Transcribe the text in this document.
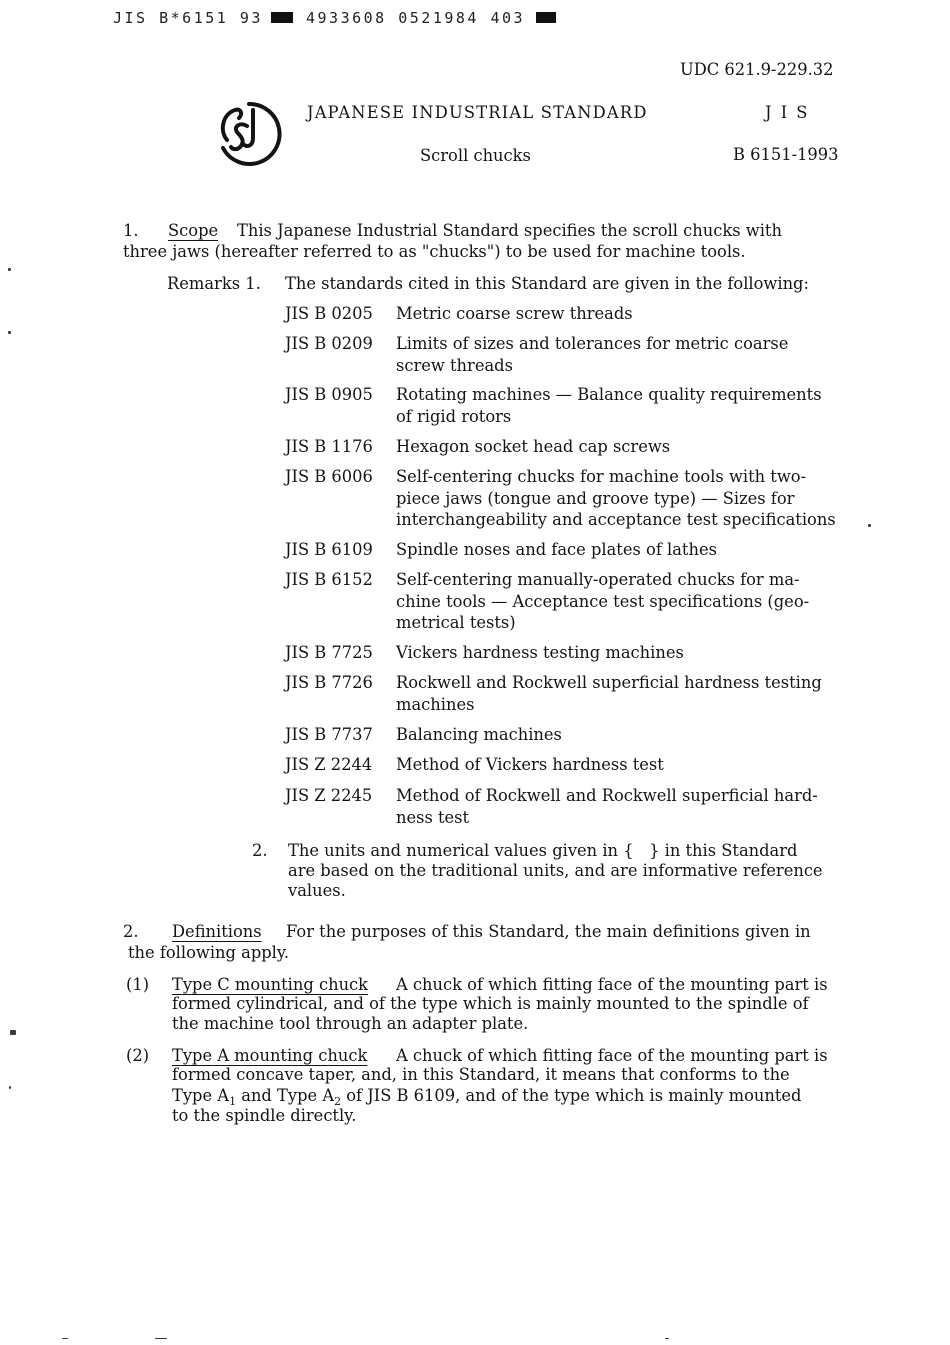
JIS B*6151 93	4933608 0521984 403
UDC 621.9-229.32
JAPANESE INDUSTRIAL STANDARD	J I S
Scroll chucks	B 6151-1993
1. Scope This Japanese Industrial Standard specifies the scroll chucks with
three jaws (hereafter referred to as "chucks") to be used for machine tools.
Remarks 1. The standards cited in this Standard are given in the following:
JIS B 0205 Metric coarse screw threads
JIS B 0209 Limits of sizes and tolerances for metric coarse
screw threads
JIS B 0905 Rotating machines — Balance quality requirements
of rigid rotors
JIS B 1176 Hexagon socket head cap screws
JIS B 6006 Self-centering chucks for machine tools with two-
piece jaws (tongue and groove type) — Sizes for
interchangeability and acceptance test specifications
JIS B 6109 Spindle noses and face plates of lathes
JIS B 6152 Self-centering manually-operated chucks for ma-
chine tools — Acceptance test specifications (geo-
metrical tests)
JIS B 7725 Vickers hardness testing machines
JIS B 7726 Rockwell and Rockwell superficial hardness testing
machines
JIS B 7737 Balancing machines
JIS Z 2244 Method of Vickers hardness test
JIS Z 2245 Method of Rockwell and Rockwell superficial hard-
ness test
2. The units and numerical values given in {   } in this Standard
are based on the traditional units, and are informative reference
values.
2. Definitions For the purposes of this Standard, the main definitions given in
the following apply.
(1) Type C mounting chuck A chuck of which fitting face of the mounting part is
formed cylindrical, and of the type which is mainly mounted to the spindle of
the machine tool through an adapter plate.
(2) Type A mounting chuck A chuck of which fitting face of the mounting part is
formed concave taper, and, in this Standard, it means that conforms to the
Type $A_1$ and Type $A_2$ of JIS B 6109, and of the type which is mainly mounted
to the spindle directly.
